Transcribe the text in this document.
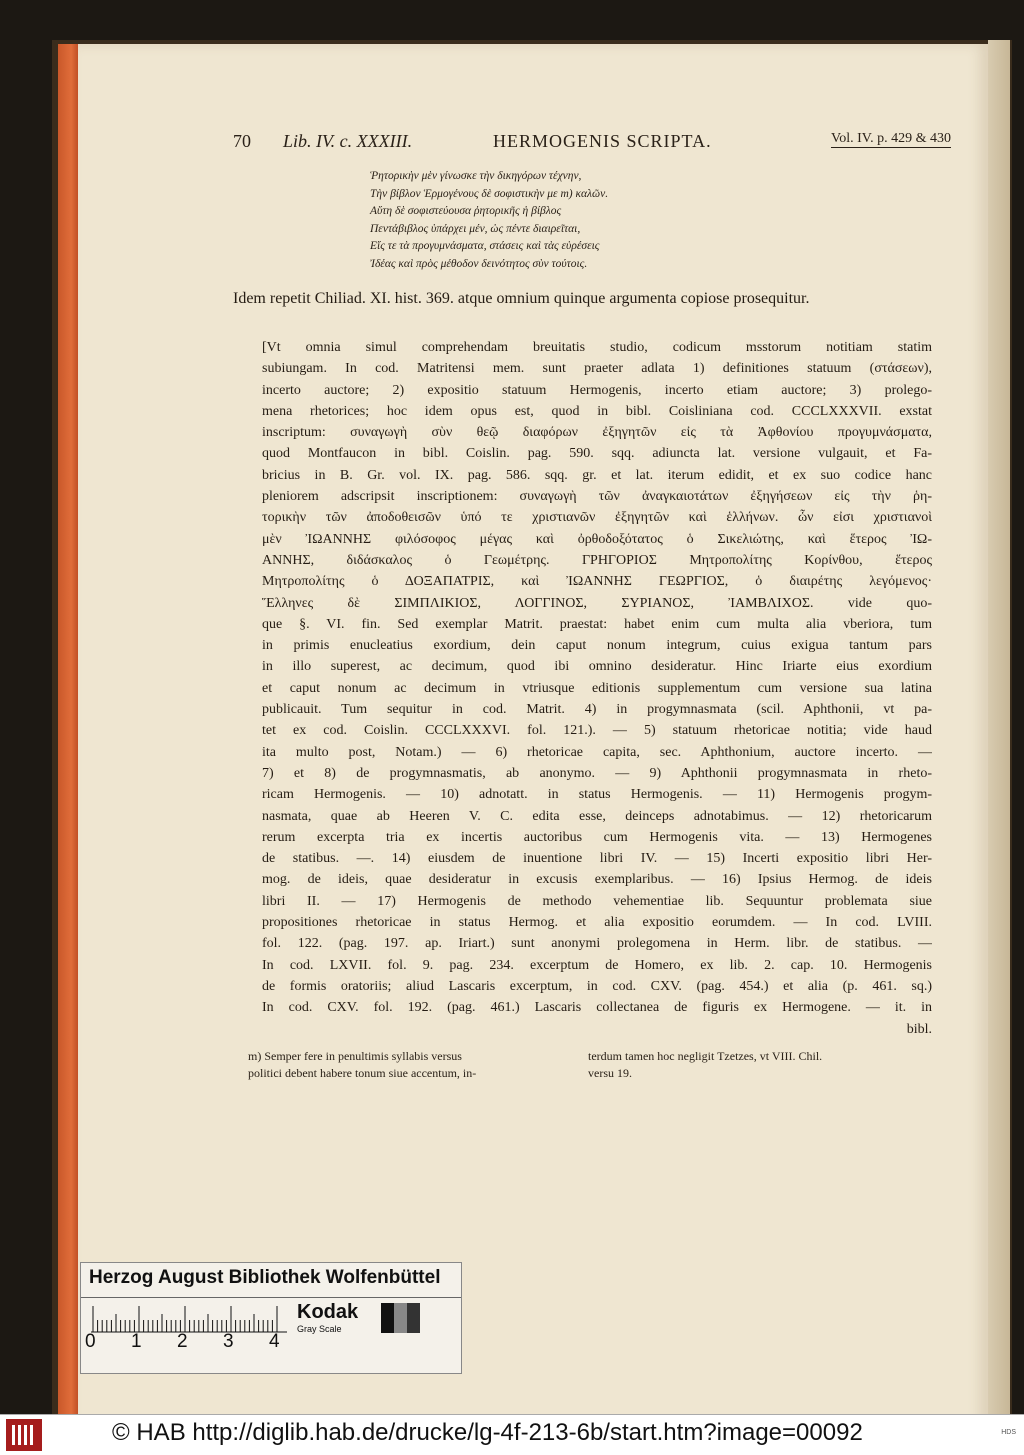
70 Lib. IV. c. XXXIII.	HERMOGENIS SCRIPTA.	Vol. IV. p. 429 & 430
Ῥητορικὴν μὲν γίνωσκε τὴν δικηγόρων τέχνην,
Τὴν βίβλον Ἑρμογένους δὲ σοφιστικὴν με m) καλῶν.
Αὕτη δὲ σοφιστεύουσα ῥητορικῆς ἡ βίβλος
Πεντάβιβλος ὑπάρχει μέν, ὡς πέντε διαιρεῖται,
Εἴς τε τὰ προγυμνάσματα, στάσεις καὶ τὰς εὑρέσεις
Ἰδέας καὶ πρὸς μέθοδον δεινότητος σὺν τούτοις.
Idem repetit Chiliad. XI. hist. 369. atque omnium quinque argumenta copiose prosequitur.
[Vt omnia simul comprehendam breuitatis studio, codicum msstorum notitiam statim
subiungam. In cod. Matritensi mem. sunt praeter adlata 1) definitiones statuum (στάσεων),
incerto auctore; 2) expositio statuum Hermogenis, incerto etiam auctore; 3) prolego-
mena rhetorices; hoc idem opus est, quod in bibl. Coisliniana cod. CCCLXXXVII. exstat
inscriptum: συναγωγὴ σὺν θεῷ διαφόρων ἐξηγητῶν εἰς τὰ Ἀφθονίου προγυμνάσματα,
quod Montfaucon in bibl. Coislin. pag. 590. sqq. adiuncta lat. versione vulgauit, et Fa-
bricius in B. Gr. vol. IX. pag. 586. sqq. gr. et lat. iterum edidit, et ex suo codice hanc
pleniorem adscripsit inscriptionem: συναγωγὴ τῶν ἀναγκαιοτάτων ἐξηγήσεων εἰς τὴν ῥη-
τορικὴν τῶν ἀποδοθεισῶν ὑπό τε χριστιανῶν ἐξηγητῶν καὶ ἑλλήνων. ὧν εἰσι χριστιανοὶ
μὲν ἸΩΑΝΝΗΣ φιλόσοφος μέγας καὶ ὀρθοδοξότατος ὁ Σικελιώτης, καὶ ἕτερος ἸΩ-
ΑΝΝΗΣ, διδάσκαλος ὁ Γεωμέτρης. ΓΡΗΓΟΡΙΟΣ Μητροπολίτης Κορίνθου, ἕτερος
Μητροπολίτης ὁ ΔΟΞΑΠΑΤΡΙΣ, καὶ ἸΩΑΝΝΗΣ ΓΕΩΡΓΙΟΣ, ὁ διαιρέτης λεγόμενος·
Ἕλληνες δὲ ΣΙΜΠΛΙΚΙΟΣ, ΛΟΓΓΙΝΟΣ, ΣΥΡΙΑΝΟΣ, ἸΑΜΒΛΙΧΟΣ. vide quo-
que §. VI. fin. Sed exemplar Matrit. praestat: habet enim cum multa alia vberiora, tum
in primis enucleatius exordium, dein caput nonum integrum, cuius exigua tantum pars
in illo superest, ac decimum, quod ibi omnino desideratur. Hinc Iriarte eius exordium
et caput nonum ac decimum in vtriusque editionis supplementum cum versione sua latina
publicauit. Tum sequitur in cod. Matrit. 4) in progymnasmata (scil. Aphthonii, vt pa-
tet ex cod. Coislin. CCCLXXXVI. fol. 121.). — 5) statuum rhetoricae notitia; vide haud
ita multo post, Notam.) — 6) rhetoricae capita, sec. Aphthonium, auctore incerto. —
7) et 8) de progymnasmatis, ab anonymo. — 9) Aphthonii progymnasmata in rheto-
ricam Hermogenis. — 10) adnotatt. in status Hermogenis. — 11) Hermogenis progym-
nasmata, quae ab Heeren V. C. edita esse, deinceps adnotabimus. — 12) rhetoricarum
rerum excerpta tria ex incertis auctoribus cum Hermogenis vita. — 13) Hermogenes
de statibus. —. 14) eiusdem de inuentione libri IV. — 15) Incerti expositio libri Her-
mog. de ideis, quae desideratur in excusis exemplaribus. — 16) Ipsius Hermog. de ideis
libri II. — 17) Hermogenis de methodo vehementiae lib. Sequuntur problemata siue
propositiones rhetoricae in status Hermog. et alia expositio eorumdem. — In cod. LVIII.
fol. 122. (pag. 197. ap. Iriart.) sunt anonymi prolegomena in Herm. libr. de statibus. —
In cod. LXVII. fol. 9. pag. 234. excerptum de Homero, ex lib. 2. cap. 10. Hermogenis
de formis oratoriis; aliud Lascaris excerptum, in cod. CXV. (pag. 454.) et alia (p. 461. sq.)
In cod. CXV. fol. 192. (pag. 461.) Lascaris collectanea de figuris ex Hermogene. — it. in
bibl.
m) Semper fere in penultimis syllabis versus
politici debent habere tonum siue accentum, in-
terdum tamen hoc negligit Tzetzes, vt VIII. Chil.
versu 19.
Herzog August Bibliothek Wolfenbüttel
0 1 2 3 4
Kodak
Gray Scale
© HAB http://diglib.hab.de/drucke/lg-4f-213-6b/start.htm?image=00092	HDS
